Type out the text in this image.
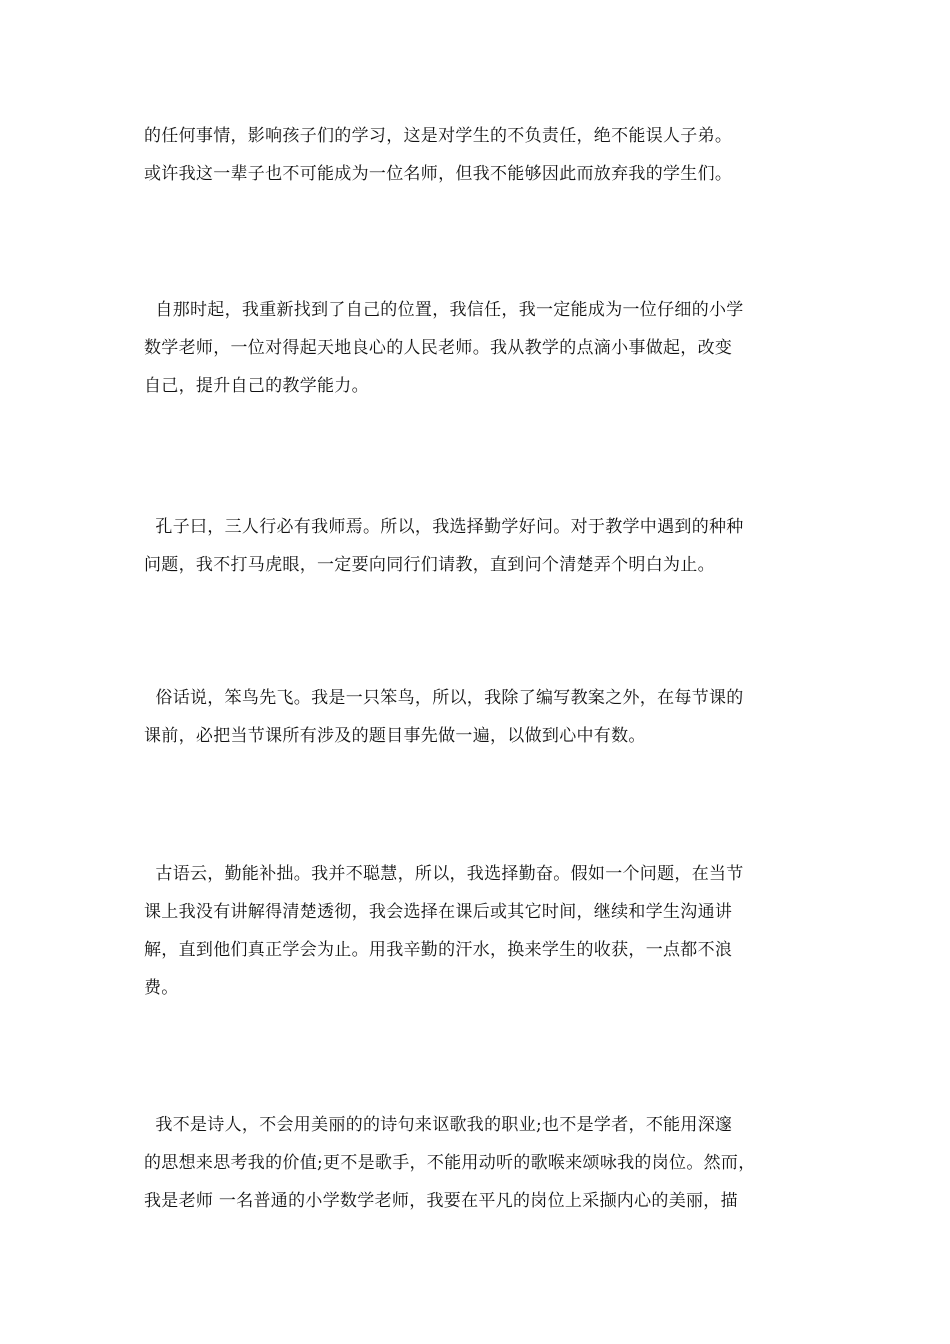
的任何事情，影响孩子们的学习，这是对学生的不负责任，绝不能误人子弟。
或许我这一辈子也不可能成为一位名师，但我不能够因此而放弃我的学生们。
自那时起，我重新找到了自己的位置，我信任，我一定能成为一位仔细的小学
数学老师，一位对得起天地良心的人民老师。我从教学的点滴小事做起，改变
自己，提升自己的教学能力。
孔子曰，三人行必有我师焉。所以，我选择勤学好问。对于教学中遇到的种种
问题，我不打马虎眼，一定要向同行们请教，直到问个清楚弄个明白为止。
俗话说，笨鸟先飞。我是一只笨鸟，所以，我除了编写教案之外，在每节课的
课前，必把当节课所有涉及的题目事先做一遍，以做到心中有数。
古语云，勤能补拙。我并不聪慧，所以，我选择勤奋。假如一个问题，在当节
课上我没有讲解得清楚透彻，我会选择在课后或其它时间，继续和学生沟通讲
解，直到他们真正学会为止。用我辛勤的汗水，换来学生的收获，一点都不浪
费。
我不是诗人，不会用美丽的的诗句来讴歌我的职业;也不是学者，不能用深邃
的思想来思考我的价值;更不是歌手，不能用动听的歌喉来颂咏我的岗位。然而，
我是老师 一名普通的小学数学老师，我要在平凡的岗位上采撷内心的美丽，描
